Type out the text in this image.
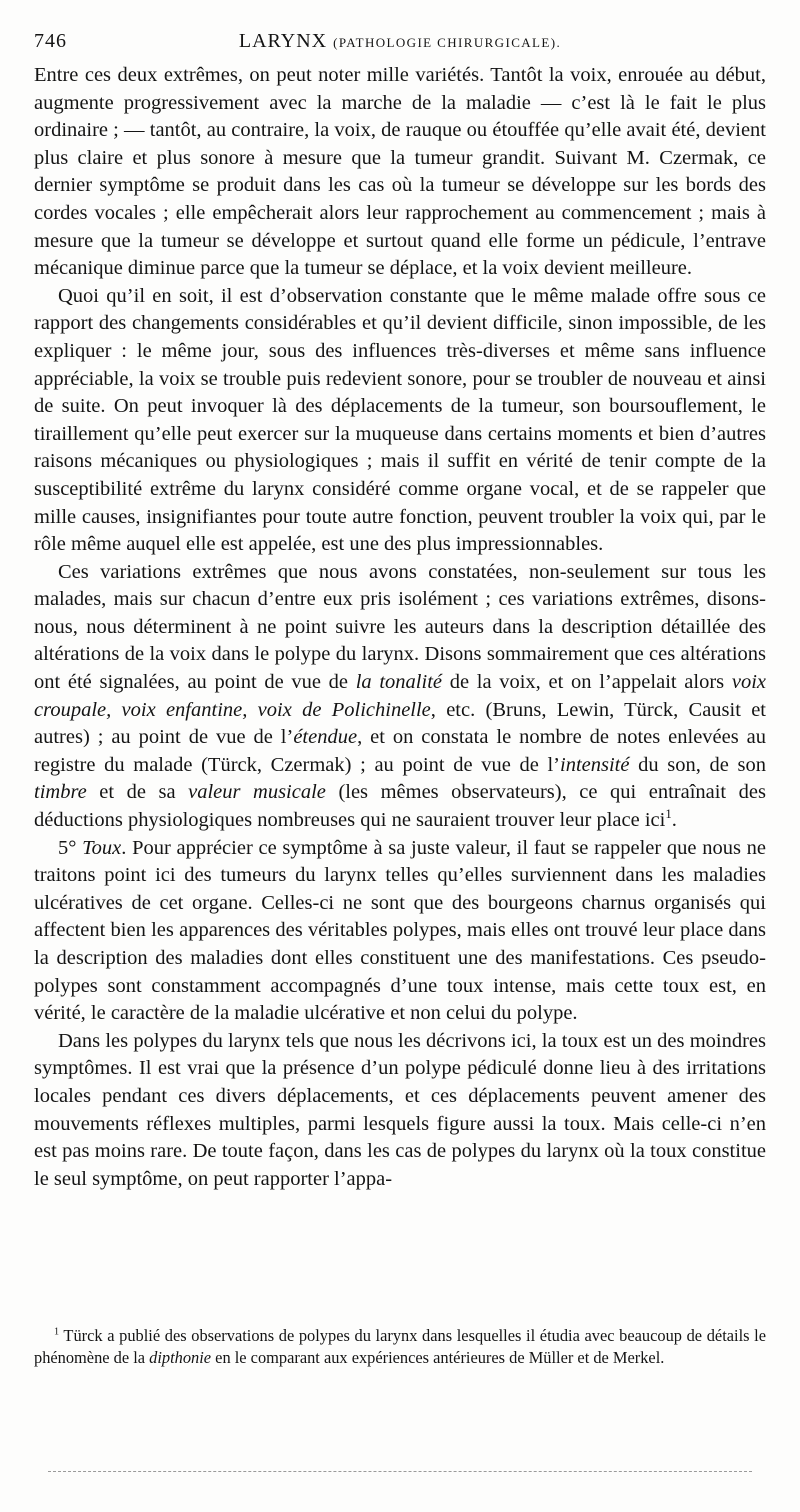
746	LARYNX (PATHOLOGIE CHIRURGICALE).

Entre ces deux extrêmes, on peut noter mille variétés. Tantôt la voix, enrouée au début, augmente progressivement avec la marche de la maladie — c’est là le fait le plus ordinaire ; — tantôt, au contraire, la voix, de rauque ou étouffée qu’elle avait été, devient plus claire et plus sonore à mesure que la tumeur grandit. Suivant M. Czermak, ce dernier symptôme se produit dans les cas où la tumeur se développe sur les bords des cordes vocales ; elle empêcherait alors leur rapprochement au commencement ; mais à mesure que la tumeur se développe et surtout quand elle forme un pédicule, l’entrave mécanique diminue parce que la tumeur se déplace, et la voix devient meilleure.

Quoi qu’il en soit, il est d’observation constante que le même malade offre sous ce rapport des changements considérables et qu’il devient difficile, sinon impossible, de les expliquer : le même jour, sous des influences très-diverses et même sans influence appréciable, la voix se trouble puis redevient sonore, pour se troubler de nouveau et ainsi de suite. On peut invoquer là des déplacements de la tumeur, son boursouflement, le tiraillement qu’elle peut exercer sur la muqueuse dans certains moments et bien d’autres raisons mécaniques ou physiologiques ; mais il suffit en vérité de tenir compte de la susceptibilité extrême du larynx considéré comme organe vocal, et de se rappeler que mille causes, insignifiantes pour toute autre fonction, peuvent troubler la voix qui, par le rôle même auquel elle est appelée, est une des plus impressionnables.

Ces variations extrêmes que nous avons constatées, non-seulement sur tous les malades, mais sur chacun d’entre eux pris isolément ; ces variations extrêmes, disons-nous, nous déterminent à ne point suivre les auteurs dans la description détaillée des altérations de la voix dans le polype du larynx. Disons sommairement que ces altérations ont été signalées, au point de vue de la tonalité de la voix, et on l’appelait alors voix croupale, voix enfantine, voix de Polichinelle, etc. (Bruns, Lewin, Türck, Causit et autres) ; au point de vue de l’étendue, et on constata le nombre de notes enlevées au registre du malade (Türck, Czermak) ; au point de vue de l’intensité du son, de son timbre et de sa valeur musicale (les mêmes observateurs), ce qui entraînait des déductions physiologiques nombreuses qui ne sauraient trouver leur place ici$^1$.

5° Toux. Pour apprécier ce symptôme à sa juste valeur, il faut se rappeler que nous ne traitons point ici des tumeurs du larynx telles qu’elles surviennent dans les maladies ulcératives de cet organe. Celles-ci ne sont que des bourgeons charnus organisés qui affectent bien les apparences des véritables polypes, mais elles ont trouvé leur place dans la description des maladies dont elles constituent une des manifestations. Ces pseudo-polypes sont constamment accompagnés d’une toux intense, mais cette toux est, en vérité, le caractère de la maladie ulcérative et non celui du polype.

Dans les polypes du larynx tels que nous les décrivons ici, la toux est un des moindres symptômes. Il est vrai que la présence d’un polype pédiculé donne lieu à des irritations locales pendant ces divers déplacements, et ces déplacements peuvent amener des mouvements réflexes multiples, parmi lesquels figure aussi la toux. Mais celle-ci n’en est pas moins rare. De toute façon, dans les cas de polypes du larynx où la toux constitue le seul symptôme, on peut rapporter l’appa-

$^1$ Türck a publié des observations de polypes du larynx dans lesquelles il étudia avec beaucoup de détails le phénomène de la dipthonie en le comparant aux expériences antérieures de Müller et de Merkel.
